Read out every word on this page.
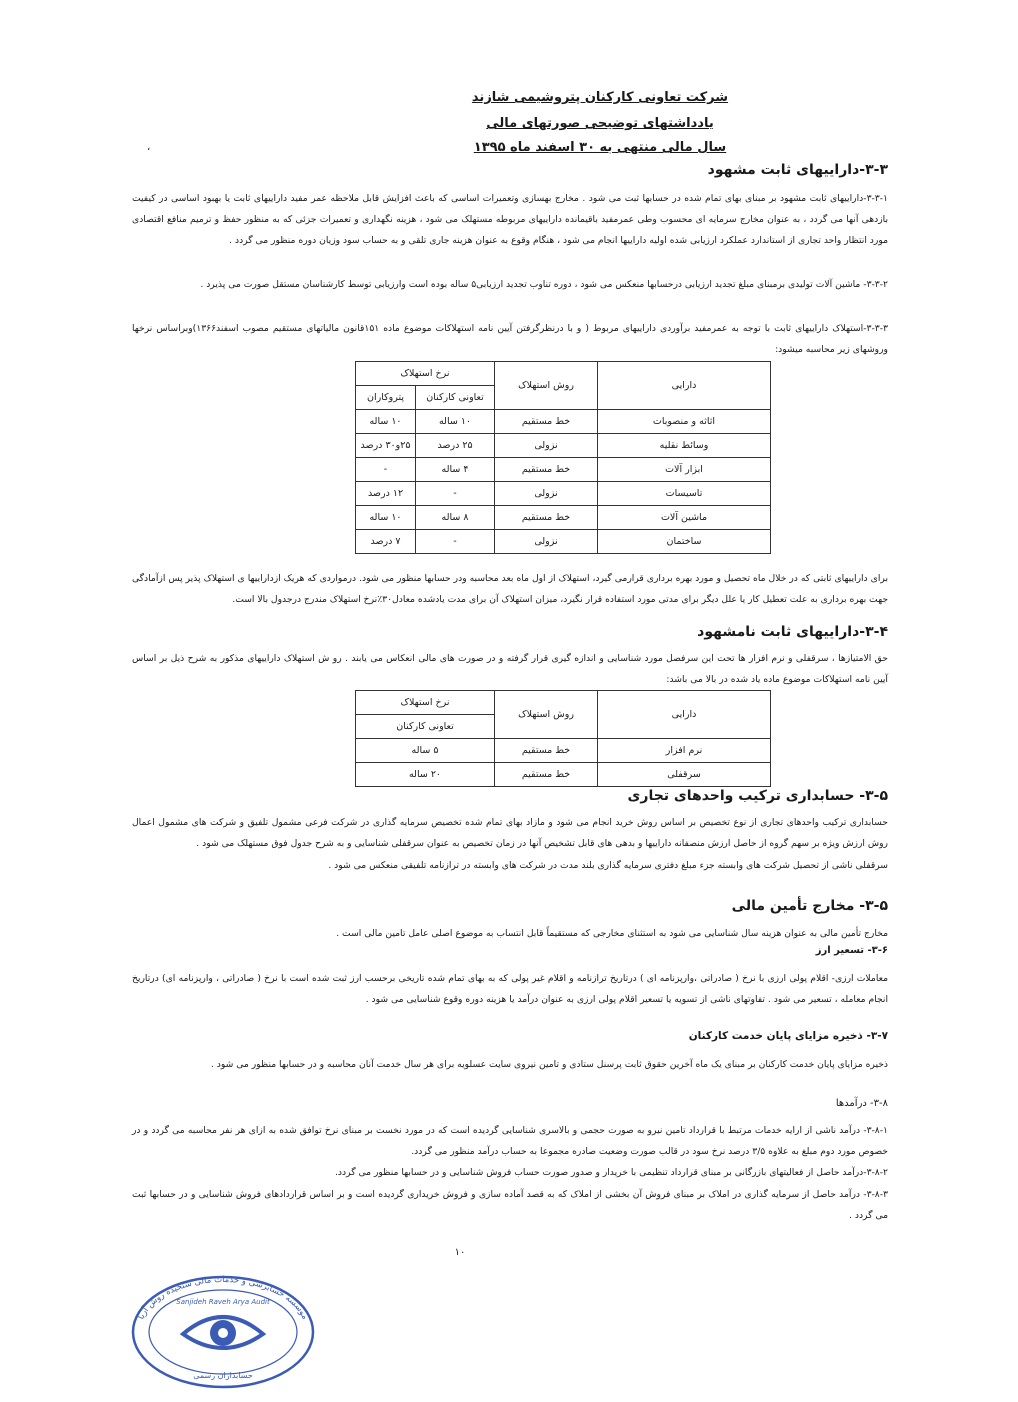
،
شرکت تعاونی کارکنان پتروشیمی شازند
یادداشتهای توضیحی صورتهای مالی
سال مالی منتهی به ۳۰ اسفند ماه ۱۳۹۵
۳-۳-داراییهای ثابت مشهود
۳-۳-۱-داراییهای ثابت مشهود بر مبنای بهای تمام شده در حسابها ثبت می شود . مخارج بهسازی وتعمیرات اساسی که باعث افزایش قابل ملاحظه عمر مفید داراییهای ثابت یا بهبود اساسی در کیفیت بازدهی آنها می گردد ، به عنوان مخارج سرمایه ای محسوب وطی عمرمفید باقیمانده داراییهای مربوطه مستهلک می شود ، هزینه نگهداری و تعمیرات جزئی که به منظور حفظ و ترمیم منافع اقتصادی مورد انتظار واحد تجاری از استاندارد عملکرد ارزیابی شده اولیه داراییها انجام می شود ، هنگام وقوع به عنوان هزینه جاری تلقی و به حساب سود وزیان دوره منظور می گردد .
۳-۳-۲- ماشین آلات تولیدی برمبنای مبلغ تجدید ارزیابی درحسابها منعکس می شود ، دوره تناوب تجدید ارزیابی۵ ساله بوده است وارزیابی توسط کارشناسان مستقل صورت می پذیرد .
۳-۳-۳-استهلاک داراییهای ثابت با توجه به عمرمفید برآوردی داراییهای مربوط ( و با درنظرگرفتن آیین نامه استهلاکات موضوع ماده ۱۵۱قانون مالیاتهای مستقیم مصوب اسفند۱۳۶۶)وبراساس نرخها وروشهای زیر محاسبه میشود:
دارایی	روش استهلاک	نرخ استهلاک	
		تعاونی کارکنان	پتروکاران
اثاثه و منصوبات	خط مستقیم	۱۰ ساله	۱۰ ساله
وسائط نقلیه	نزولی	۲۵ درصد	۲۵و۳۰ درصد
ابزار آلات	خط مستقیم	۴ ساله	-
تاسیسات	نزولی	-	۱۲ درصد
ماشین آلات	خط مستقیم	۸ ساله	۱۰ ساله
ساختمان	نزولی	-	۷ درصد
برای داراییهای ثابتی که در خلال ماه تحصیل و مورد بهره برداری قرارمی گیرد، استهلاک از اول ماه بعد محاسبه ودر حسابها منظور می شود. درمواردی که هریک ازداراییها ی استهلاک پذیر پس ازآمادگی جهت بهره برداری به علت تعطیل کار یا علل دیگر برای مدتی مورد استفاده قرار نگیرد، میزان استهلاک آن برای مدت یادشده معادل۳۰٪نرخ استهلاک مندرج درجدول بالا است.
۳-۴-داراییهای ثابت نامشهود
حق الامتیازها ، سرقفلی و نرم افزار ها تحت این سرفصل مورد شناسایی و اندازه گیری قرار گرفته و در صورت های مالی انعکاس می یابند . رو ش استهلاک داراییهای مذکور به شرح ذیل بر اساس آیین نامه استهلاکات موضوع ماده یاد شده در بالا می باشد:
دارایی	روش استهلاک	نرخ استهلاک
		تعاونی کارکنان
نرم افزار	خط مستقیم	۵ ساله
سرقفلی	خط مستقیم	۲۰ ساله
۳-۵- حسابداری ترکیب واحدهای تجاری
حسابداری ترکیب واحدهای تجاری از نوع تخصیص بر اساس روش خرید انجام می شود و مازاد بهای تمام شده تخصیص سرمایه گذاری در شرکت فرعی مشمول تلفیق و شرکت های مشمول اعمال روش ارزش ویژه بر سهم گروه از حاصل ارزش منصفانه داراییها و بدهی های قابل تشخیص آنها در زمان تخصیص به عنوان سرقفلی شناسایی و به شرح جدول فوق مستهلک می شود .
سرقفلی ناشی از تحصیل شرکت های وابسته جزء مبلغ دفتری سرمایه گذاری بلند مدت در شرکت های وابسته در ترازنامه تلفیقی منعکس می شود .
۳-۵- مخارج تأمین مالی
مخارج تأمین مالی به عنوان هزینه سال شناسایی می شود به استثنای مخارجی که مستقیماً قابل انتساب به موضوع اصلی عامل تامین مالی است .
۳-۶- تسعیر ارز
معاملات ارزی- اقلام پولی ارزی با نرخ ( صادراتی ،وارپزنامه ای ) درتاریخ ترازنامه و اقلام غیر پولی که به بهای تمام شده تاریخی برحسب ارز ثبت شده است با نرخ ( صادراتی ، وارپزنامه ای) درتاریخ انجام معامله ، تسعیر می شود . تفاوتهای ناشی از تسویه یا تسعیر اقلام پولی ارزی به عنوان درآمد یا هزینه دوره وقوع شناسایی می شود .
۳-۷- ذخیره مزایای پایان خدمت کارکنان
ذخیره مزایای پایان خدمت کارکنان بر مبنای یک ماه آخرین حقوق ثابت پرسنل ستادی و تامین نیروی سایت عسلویه برای هر سال خدمت آنان محاسبه و در حسابها منظور می شود .
۳-۸- درآمدها
۳-۸-۱- درآمد ناشی از ارایه خدمات مرتبط با قرارداد تامین نیرو به صورت حجمی و بالاسری شناسایی گردیده است که در مورد نخست بر مبنای نرخ توافق شده به ازای هر نفر محاسبه می گردد و در خصوص مورد دوم مبلغ به علاوه ۳/۵ درصد نرخ سود در قالب صورت وضعیت صادره مجموعا به حساب درآمد منظور می گردد.
۳-۸-۲-درآمد حاصل از فعالیتهای بازرگانی بر مبنای قرارداد تنظیمی با خریدار و صدور صورت حساب فروش شناسایی و در حسابها منظور می گردد.
۳-۸-۳- درآمد حاصل از سرمایه گذاری در املاک بر مبنای فروش آن بخشی از املاک که به قصد آماده سازی و فروش خریداری گردیده است و بر اساس قراردادهای فروش شناسایی و در حسابها ثبت می گردد .
۱۰
موسسه حسابرسی و خدمات مالی سنجیده روش آریا
Sanjideh Raveh Arya Audit
حسابداران رسمی
